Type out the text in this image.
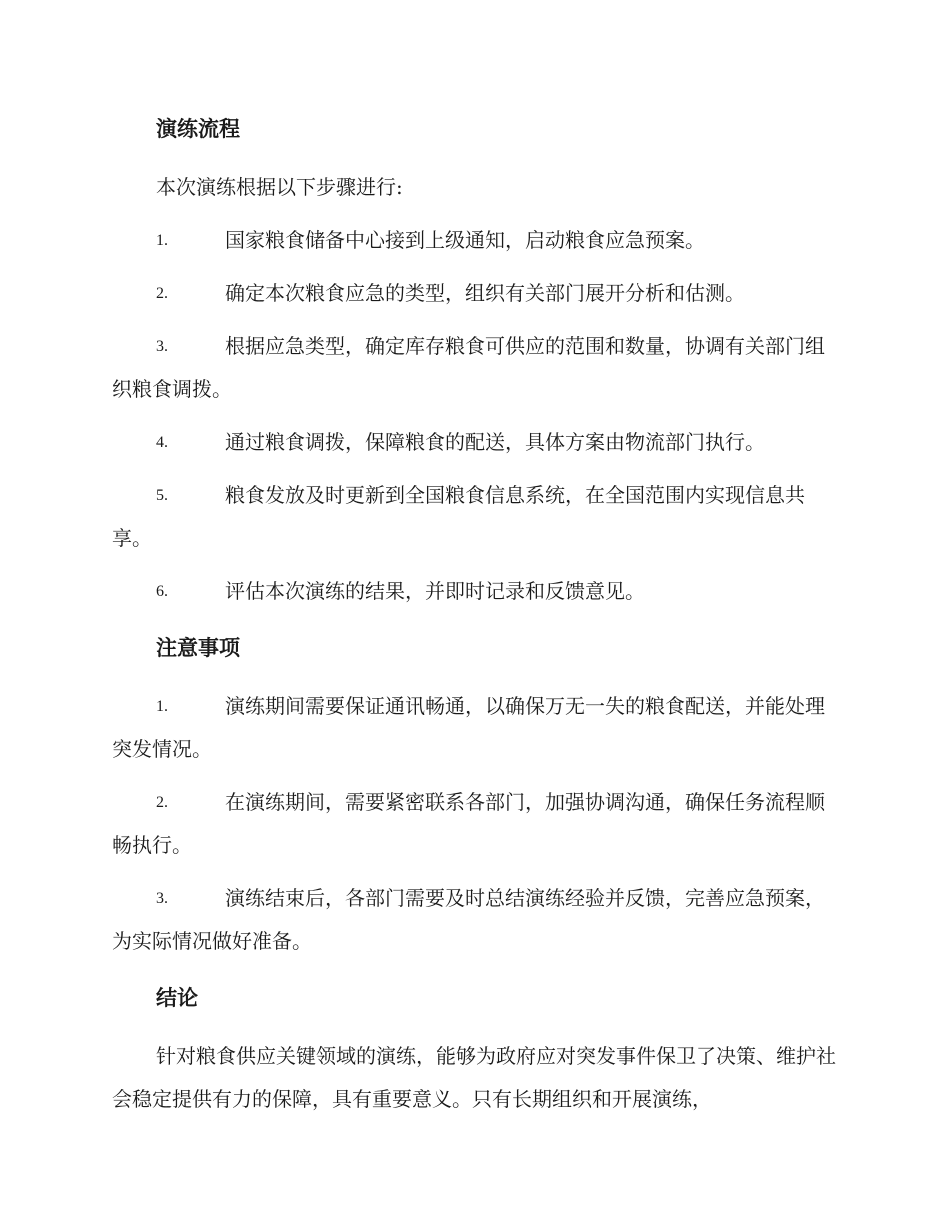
演练流程
本次演练根据以下步骤进行:
1.	国家粮食储备中心接到上级通知，启动粮食应急预案。
2.	确定本次粮食应急的类型，组织有关部门展开分析和估测。
3.	根据应急类型，确定库存粮食可供应的范围和数量，协调有关部门组织粮食调拨。
4.	通过粮食调拨，保障粮食的配送，具体方案由物流部门执行。
5.	粮食发放及时更新到全国粮食信息系统，在全国范围内实现信息共享。
6.	评估本次演练的结果，并即时记录和反馈意见。
注意事项
1.	演练期间需要保证通讯畅通，以确保万无一失的粮食配送，并能处理突发情况。
2.	在演练期间，需要紧密联系各部门，加强协调沟通，确保任务流程顺畅执行。
3.	演练结束后，各部门需要及时总结演练经验并反馈，完善应急预案，为实际情况做好准备。
结论
针对粮食供应关键领域的演练，能够为政府应对突发事件保卫了决策、维护社会稳定提供有力的保障，具有重要意义。只有长期组织和开展演练，
